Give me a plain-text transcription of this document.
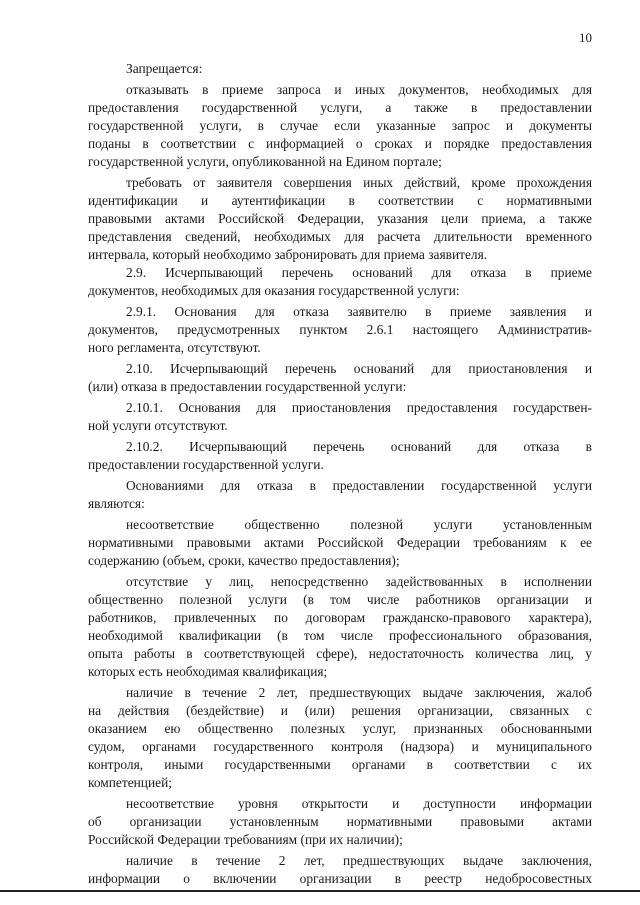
10

Запрещается:

отказывать в приеме запроса и иных документов, необходимых для

предоставления государственной услуги, а также в предоставлении

государственной услуги, в случае если указанные запрос и документы

поданы в соответствии с информацией о сроках и порядке предоставления

государственной услуги, опубликованной на Едином портале;

требовать от заявителя совершения иных действий, кроме прохождения

идентификации и аутентификации в соответствии с нормативными

правовыми актами Российской Федерации, указания цели приема, а также

представления сведений, необходимых для расчета длительности временного

интервала, который необходимо забронировать для приема заявителя.

2.9. Исчерпывающий перечень оснований для отказа в приеме

документов, необходимых для оказания государственной услуги:

2.9.1. Основания для отказа заявителю в приеме заявления и

документов, предусмотренных пунктом 2.6.1 настоящего Административ-

ного регламента, отсутствуют.

2.10. Исчерпывающий перечень оснований для приостановления и

(или) отказа в предоставлении государственной услуги:

2.10.1. Основания для приостановления предоставления государствен-

ной услуги отсутствуют.

2.10.2. Исчерпывающий перечень оснований для отказа в

предоставлении государственной услуги.

Основаниями для отказа в предоставлении государственной услуги

являются:

несоответствие общественно полезной услуги установленным

нормативными правовыми актами Российской Федерации требованиям к ее

содержанию (объем, сроки, качество предоставления);

отсутствие у лиц, непосредственно задействованных в исполнении

общественно полезной услуги (в том числе работников организации и

работников, привлеченных по договорам гражданско-правового характера),

необходимой квалификации (в том числе профессионального образования,

опыта работы в соответствующей сфере), недостаточность количества лиц, у

которых есть необходимая квалификация;

наличие в течение 2 лет, предшествующих выдаче заключения, жалоб

на действия (бездействие) и (или) решения организации, связанных с

оказанием ею общественно полезных услуг, признанных обоснованными

судом, органами государственного контроля (надзора) и муниципального

контроля, иными государственными органами в соответствии с их

компетенцией;

несоответствие уровня открытости и доступности информации

об организации установленным нормативными правовыми актами

Российской Федерации требованиям (при их наличии);

наличие в течение 2 лет, предшествующих выдаче заключения,

информации о включении организации в реестр недобросовестных
